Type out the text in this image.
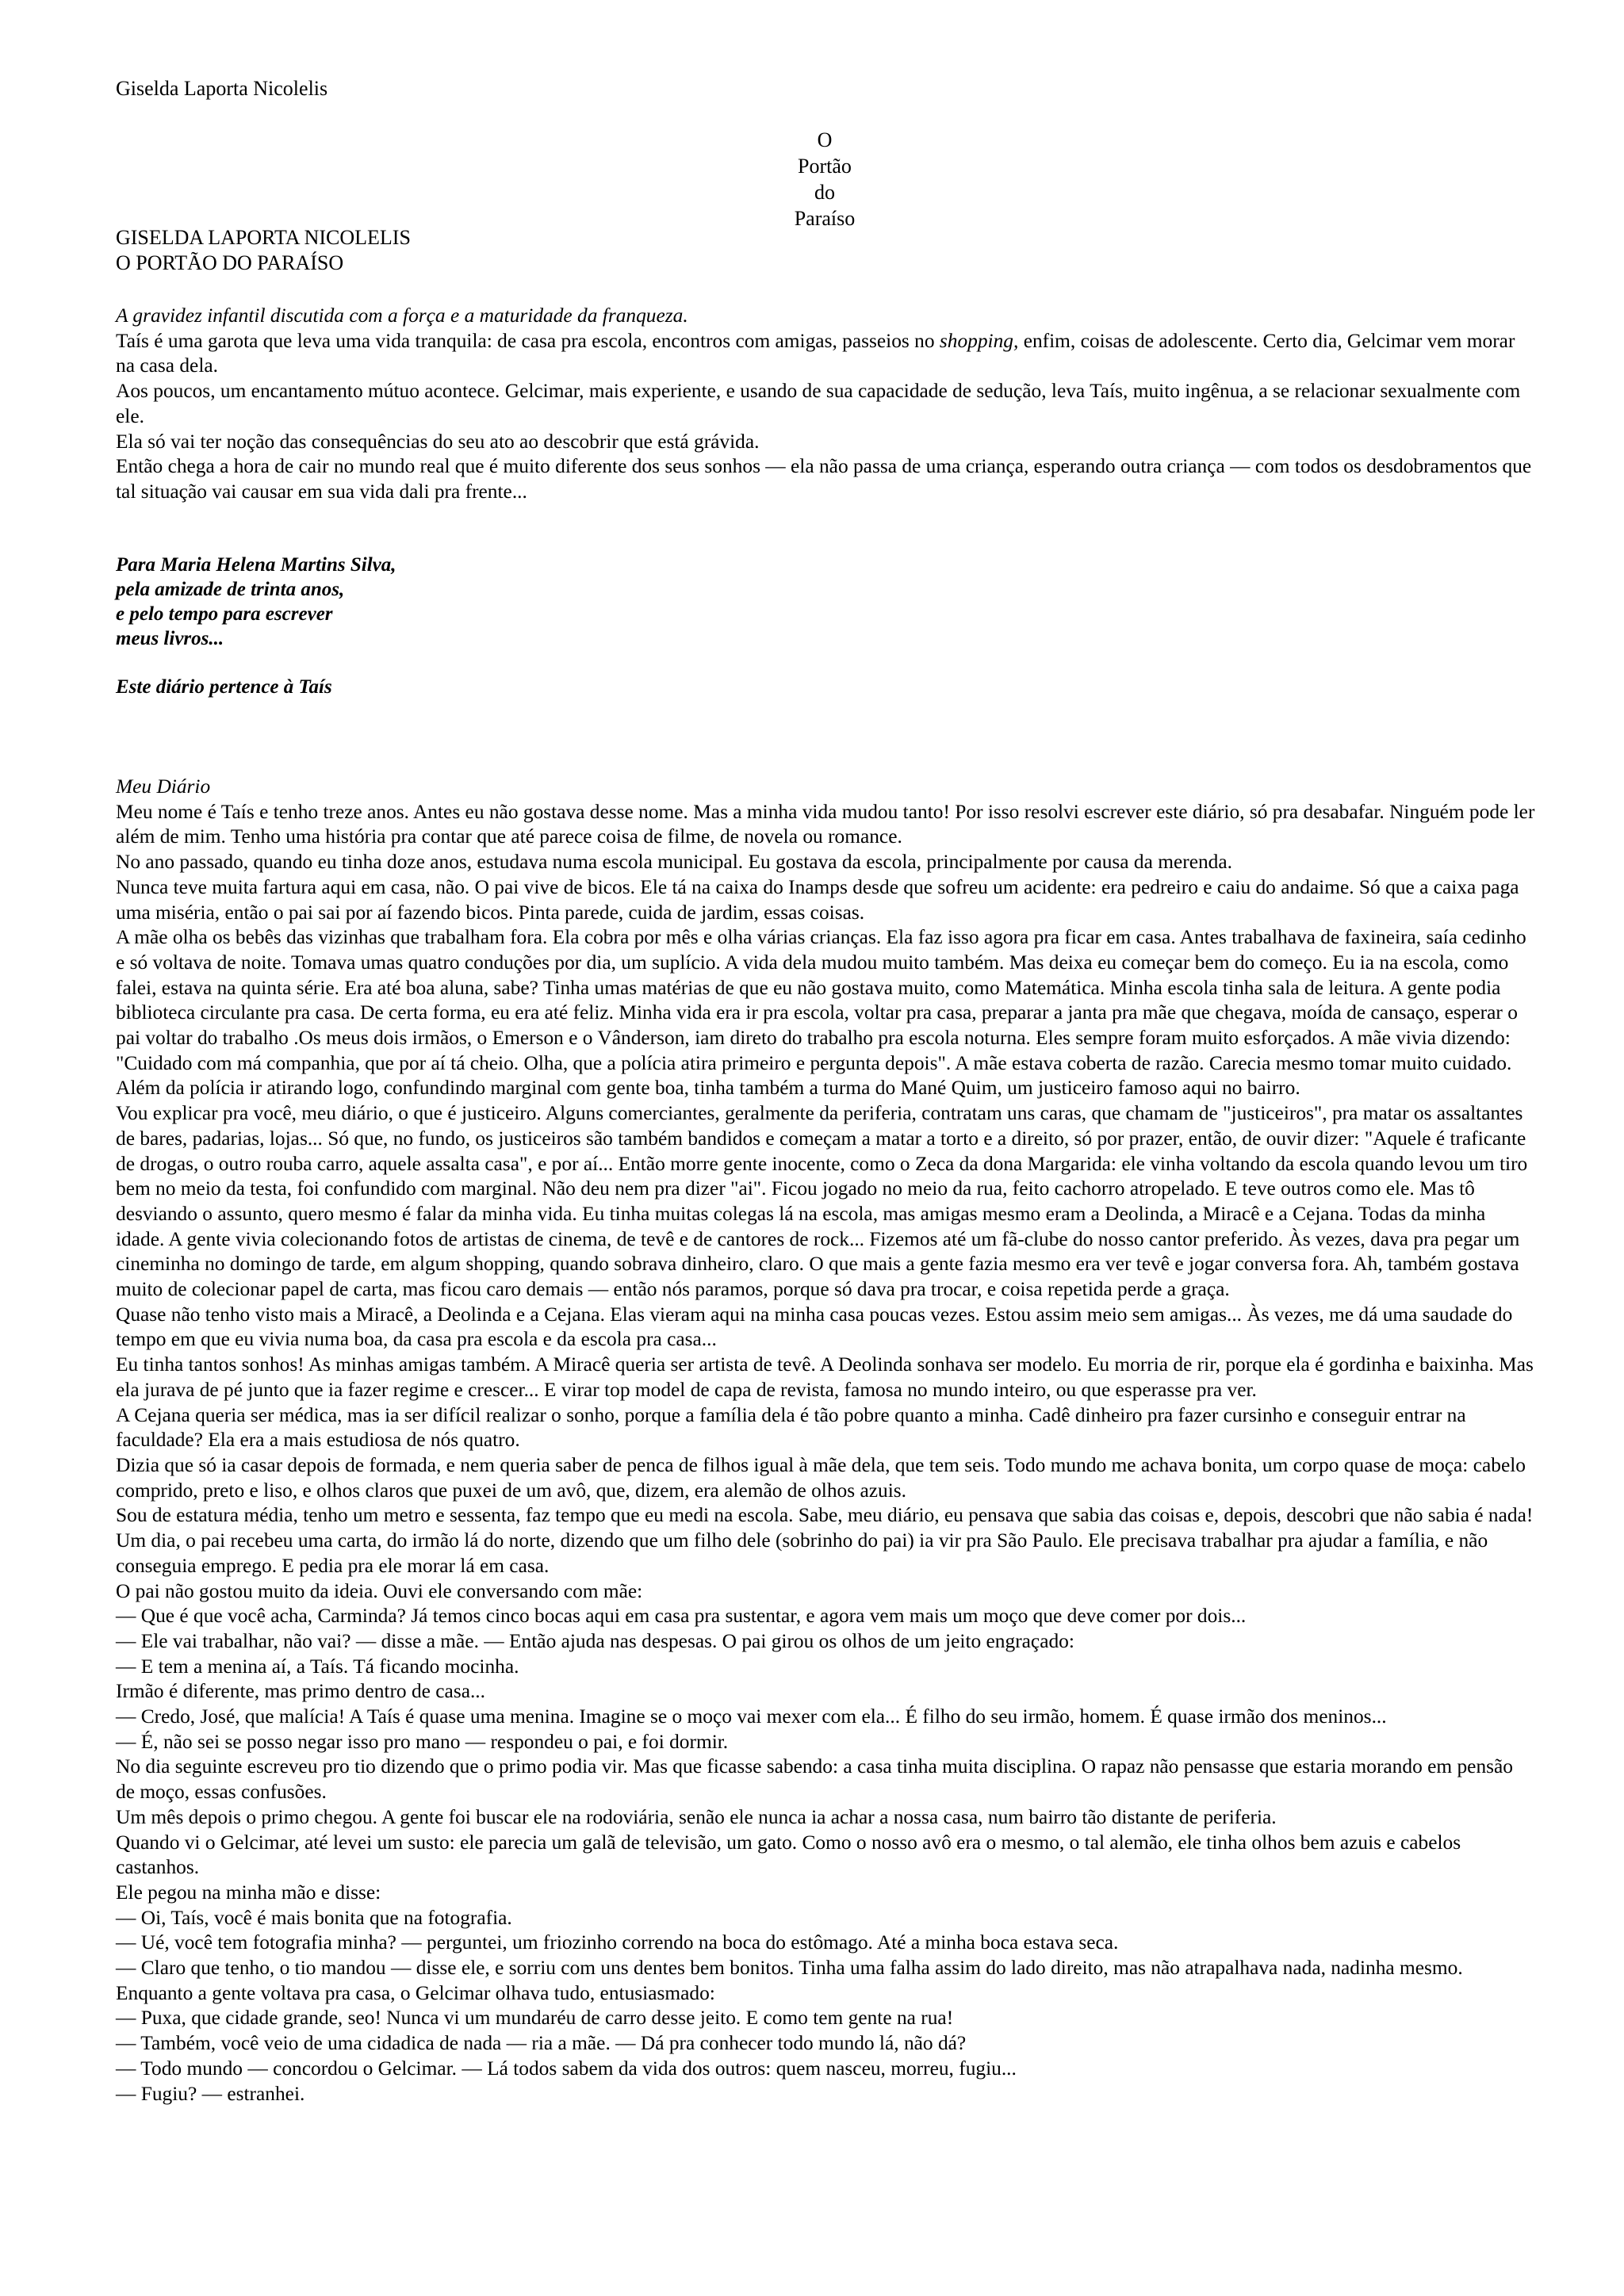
Giselda Laporta Nicolelis
O
Portão
do
Paraíso
GISELDA LAPORTA NICOLELIS
O PORTÃO DO PARAÍSO
A gravidez infantil discutida com a força e a maturidade da franqueza.
Taís é uma garota que leva uma vida tranquila: de casa pra escola, encontros com amigas, passeios no shopping, enfim, coisas de adolescente. Certo dia, Gelcimar vem morar na casa dela.
Aos poucos, um encantamento mútuo acontece. Gelcimar, mais experiente, e usando de sua capacidade de sedução, leva Taís, muito ingênua, a se relacionar sexualmente com ele.
Ela só vai ter noção das consequências do seu ato ao descobrir que está grávida.
Então chega a hora de cair no mundo real que é muito diferente dos seus sonhos — ela não passa de uma criança, esperando outra criança — com todos os desdobramentos que tal situação vai causar em sua vida dali pra frente...
Para Maria Helena Martins Silva,
pela amizade de trinta anos,
e pelo tempo para escrever
meus livros...
Este diário pertence à Taís
Meu Diário
Meu nome é Taís e tenho treze anos. Antes eu não gostava desse nome. Mas a minha vida mudou tanto! Por isso resolvi escrever este diário, só pra desabafar. Ninguém pode ler além de mim. Tenho uma história pra contar que até parece coisa de filme, de novela ou romance.
No ano passado, quando eu tinha doze anos, estudava numa escola municipal. Eu gostava da escola, principalmente por causa da merenda.
Nunca teve muita fartura aqui em casa, não. O pai vive de bicos. Ele tá na caixa do Inamps desde que sofreu um acidente: era pedreiro e caiu do andaime. Só que a caixa paga uma miséria, então o pai sai por aí fazendo bicos. Pinta parede, cuida de jardim, essas coisas.
A mãe olha os bebês das vizinhas que trabalham fora. Ela cobra por mês e olha várias crianças. Ela faz isso agora pra ficar em casa. Antes trabalhava de faxineira, saía cedinho e só voltava de noite. Tomava umas quatro conduções por dia, um suplício. A vida dela mudou muito também. Mas deixa eu começar bem do começo. Eu ia na escola, como falei, estava na quinta série. Era até boa aluna, sabe? Tinha umas matérias de que eu não gostava muito, como Matemática. Minha escola tinha sala de leitura. A gente podia biblioteca circulante pra casa. De certa forma, eu era até feliz. Minha vida era ir pra escola, voltar pra casa, preparar a janta pra mãe que chegava, moída de cansaço, esperar o pai voltar do trabalho .Os meus dois irmãos, o Emerson e o Vânderson, iam direto do trabalho pra escola noturna. Eles sempre foram muito esforçados. A mãe vivia dizendo: "Cuidado com má companhia, que por aí tá cheio. Olha, que a polícia atira primeiro e pergunta depois". A mãe estava coberta de razão. Carecia mesmo tomar muito cuidado. Além da polícia ir atirando logo, confundindo marginal com gente boa, tinha também a turma do Mané Quim, um justiceiro famoso aqui no bairro.
Vou explicar pra você, meu diário, o que é justiceiro. Alguns comerciantes, geralmente da periferia, contratam uns caras, que chamam de "justiceiros", pra matar os assaltantes de bares, padarias, lojas... Só que, no fundo, os justiceiros são também bandidos e começam a matar a torto e a direito, só por prazer, então, de ouvir dizer: "Aquele é traficante de drogas, o outro rouba carro, aquele assalta casa", e por aí... Então morre gente inocente, como o Zeca da dona Margarida: ele vinha voltando da escola quando levou um tiro bem no meio da testa, foi confundido com marginal. Não deu nem pra dizer "ai". Ficou jogado no meio da rua, feito cachorro atropelado. E teve outros como ele. Mas tô desviando o assunto, quero mesmo é falar da minha vida. Eu tinha muitas colegas lá na escola, mas amigas mesmo eram a Deolinda, a Miracê e a Cejana. Todas da minha idade. A gente vivia colecionando fotos de artistas de cinema, de tevê e de cantores de rock... Fizemos até um fã-clube do nosso cantor preferido. Às vezes, dava pra pegar um cineminha no domingo de tarde, em algum shopping, quando sobrava dinheiro, claro. O que mais a gente fazia mesmo era ver tevê e jogar conversa fora. Ah, também gostava muito de colecionar papel de carta, mas ficou caro demais — então nós paramos, porque só dava pra trocar, e coisa repetida perde a graça.
Quase não tenho visto mais a Miracê, a Deolinda e a Cejana. Elas vieram aqui na minha casa poucas vezes. Estou assim meio sem amigas... Às vezes, me dá uma saudade do tempo em que eu vivia numa boa, da casa pra escola e da escola pra casa...
Eu tinha tantos sonhos! As minhas amigas também. A Miracê queria ser artista de tevê. A Deolinda sonhava ser modelo. Eu morria de rir, porque ela é gordinha e baixinha. Mas ela jurava de pé junto que ia fazer regime e crescer... E virar top model de capa de revista, famosa no mundo inteiro, ou que esperasse pra ver.
A Cejana queria ser médica, mas ia ser difícil realizar o sonho, porque a família dela é tão pobre quanto a minha. Cadê dinheiro pra fazer cursinho e conseguir entrar na faculdade? Ela era a mais estudiosa de nós quatro.
Dizia que só ia casar depois de formada, e nem queria saber de penca de filhos igual à mãe dela, que tem seis. Todo mundo me achava bonita, um corpo quase de moça: cabelo comprido, preto e liso, e olhos claros que puxei de um avô, que, dizem, era alemão de olhos azuis.
Sou de estatura média, tenho um metro e sessenta, faz tempo que eu medi na escola. Sabe, meu diário, eu pensava que sabia das coisas e, depois, descobri que não sabia é nada!
Um dia, o pai recebeu uma carta, do irmão lá do norte, dizendo que um filho dele (sobrinho do pai) ia vir pra São Paulo. Ele precisava trabalhar pra ajudar a família, e não conseguia emprego. E pedia pra ele morar lá em casa.
O pai não gostou muito da ideia. Ouvi ele conversando com mãe:
— Que é que você acha, Carminda? Já temos cinco bocas aqui em casa pra sustentar, e agora vem mais um moço que deve comer por dois...
— Ele vai trabalhar, não vai? — disse a mãe. — Então ajuda nas despesas. O pai girou os olhos de um jeito engraçado:
— E tem a menina aí, a Taís. Tá ficando mocinha.
Irmão é diferente, mas primo dentro de casa...
— Credo, José, que malícia! A Taís é quase uma menina. Imagine se o moço vai mexer com ela... É filho do seu irmão, homem. É quase irmão dos meninos...
— É, não sei se posso negar isso pro mano — respondeu o pai, e foi dormir.
No dia seguinte escreveu pro tio dizendo que o primo podia vir. Mas que ficasse sabendo: a casa tinha muita disciplina. O rapaz não pensasse que estaria morando em pensão de moço, essas confusões.
Um mês depois o primo chegou. A gente foi buscar ele na rodoviária, senão ele nunca ia achar a nossa casa, num bairro tão distante de periferia.
Quando vi o Gelcimar, até levei um susto: ele parecia um galã de televisão, um gato. Como o nosso avô era o mesmo, o tal alemão, ele tinha olhos bem azuis e cabelos castanhos.
Ele pegou na minha mão e disse:
— Oi, Taís, você é mais bonita que na fotografia.
— Ué, você tem fotografia minha? — perguntei, um friozinho correndo na boca do estômago. Até a minha boca estava seca.
— Claro que tenho, o tio mandou — disse ele, e sorriu com uns dentes bem bonitos. Tinha uma falha assim do lado direito, mas não atrapalhava nada, nadinha mesmo.
Enquanto a gente voltava pra casa, o Gelcimar olhava tudo, entusiasmado:
— Puxa, que cidade grande, seo! Nunca vi um mundaréu de carro desse jeito. E como tem gente na rua!
— Também, você veio de uma cidadica de nada — ria a mãe. — Dá pra conhecer todo mundo lá, não dá?
— Todo mundo — concordou o Gelcimar. — Lá todos sabem da vida dos outros: quem nasceu, morreu, fugiu...
— Fugiu? — estranhei.
